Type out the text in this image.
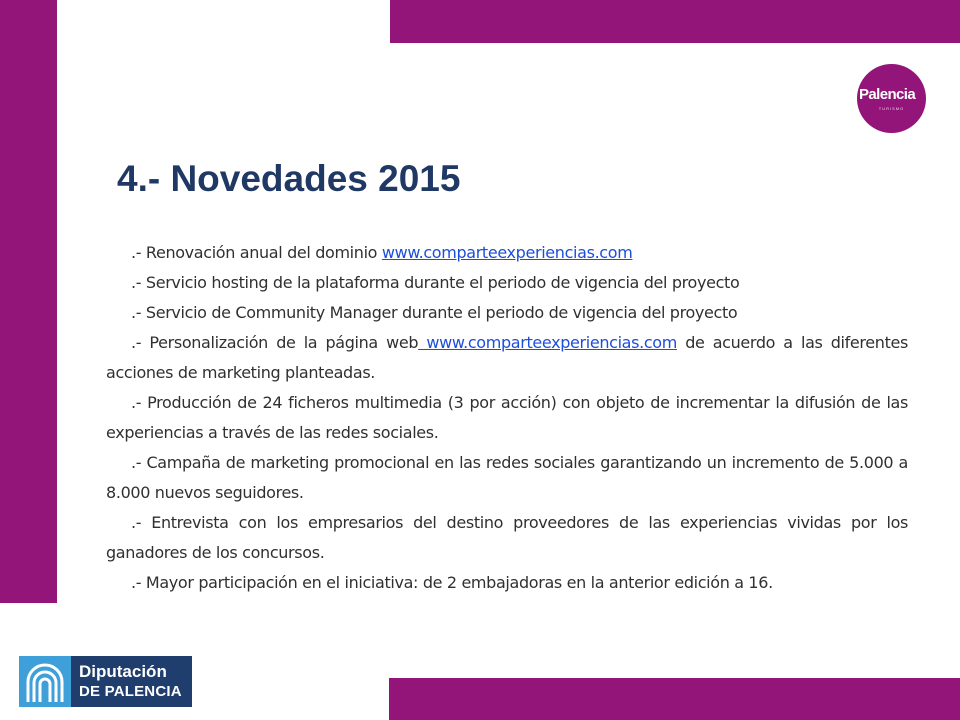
Palencia
TURISMO
4.- Novedades 2015

.- Renovación anual del dominio www.comparteexperiencias.com

.- Servicio hosting de la plataforma durante el periodo de vigencia del proyecto

.- Servicio de Community Manager durante el periodo de vigencia del proyecto

.- Personalización de la página web www.comparteexperiencias.com de acuerdo a las diferentes acciones de marketing planteadas.

.- Producción de 24 ficheros multimedia (3 por acción) con objeto de incrementar la difusión de las experiencias a través de las redes sociales.

.- Campaña de marketing promocional en las redes sociales garantizando un incremento de 5.000 a 8.000 nuevos seguidores.

.- Entrevista con los empresarios del destino proveedores de las experiencias vividas por los ganadores de los concursos.

.- Mayor participación en el iniciativa: de 2 embajadoras en la anterior edición a 16.

Diputación
DE PALENCIA
